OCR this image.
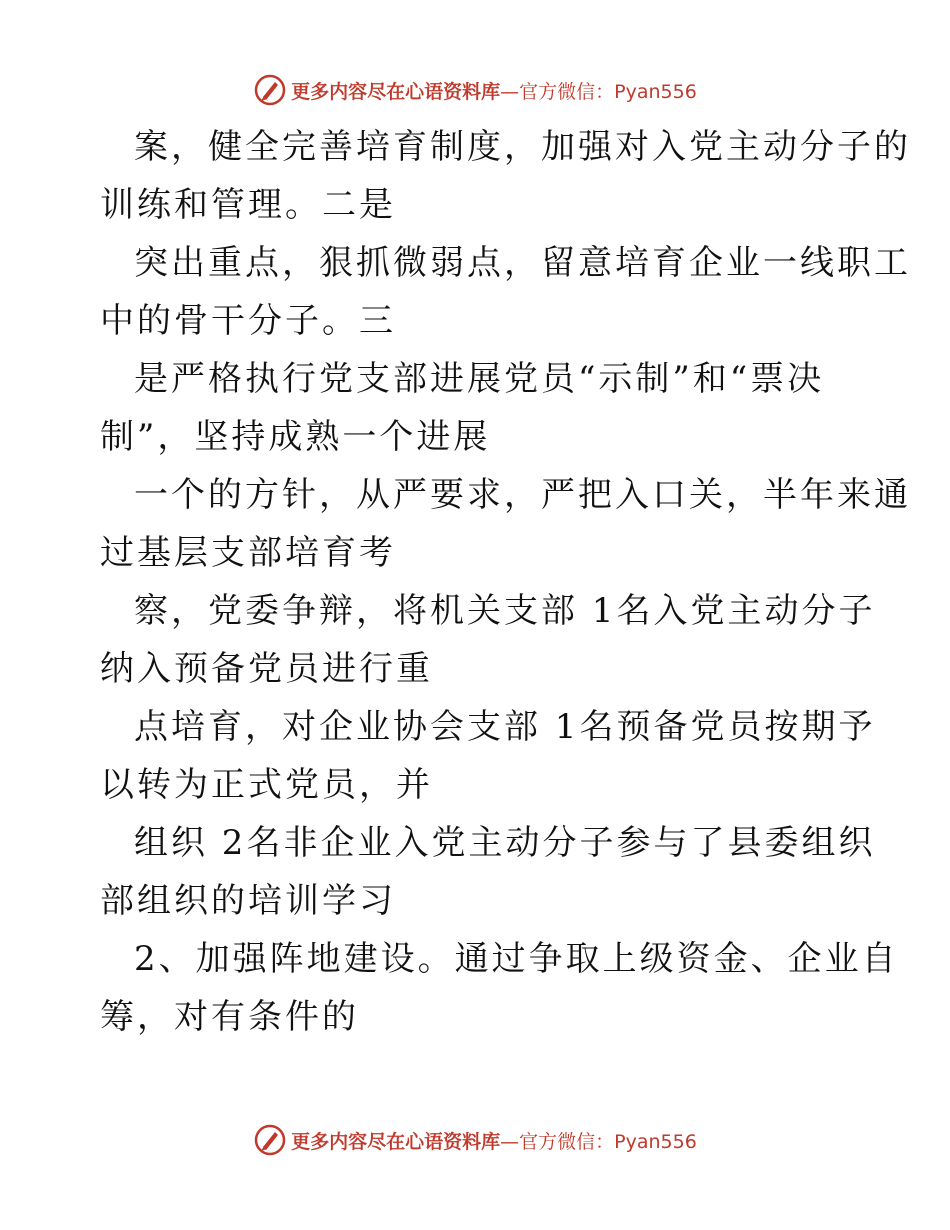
更多内容尽在心语资料库 —官方微信：Pyan556
案，健全完善培育制度，加强对入党主动分子的
训练和管理。二是
突出重点，狠抓微弱点，留意培育企业一线职工
中的骨干分子。三
是严格执行党支部进展党员“示制”和“票决
制”，坚持成熟一个进展
一个的方针，从严要求，严把入口关，半年来通
过基层支部培育考
察，党委争辩，将机关支部 1名入党主动分子
纳入预备党员进行重
点培育，对企业协会支部 1名预备党员按期予
以转为正式党员，并
组织 2名非企业入党主动分子参与了县委组织
部组织的培训学习
2、加强阵地建设。通过争取上级资金、企业自
筹，对有条件的
更多内容尽在心语资料库 —官方微信：Pyan556
